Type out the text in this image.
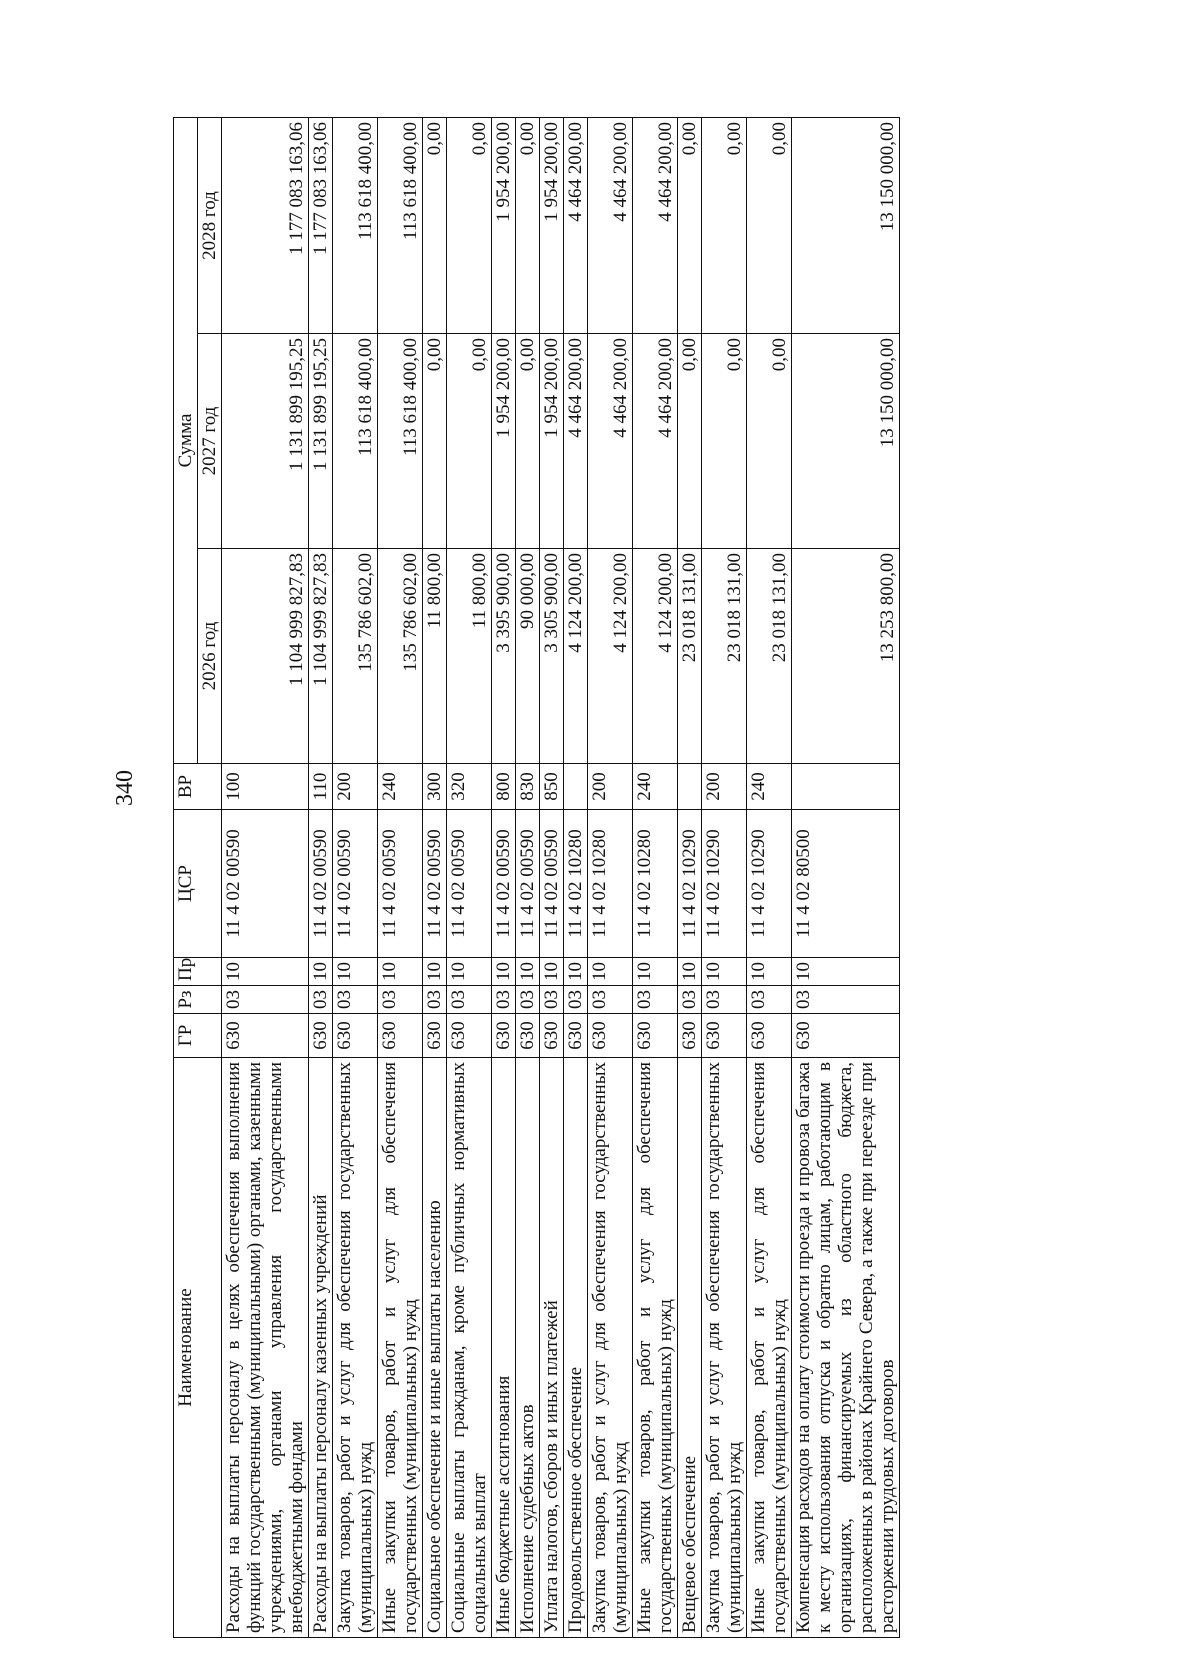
340
Наименование	ГР	Рз	Пр	ЦСР	ВР	Сумма		
						2026 год	2027 год	2028 год
Расходы на выплаты персоналу в целях обеспечения выполнения функций государственными (муниципальными) органами, казенными учреждениями, органами управления государственными внебюджетными фондами	630	03	10	11 4 02 00590	100	1 104 999 827,83	1 131 899 195,25	1 177 083 163,06
Расходы на выплаты персоналу казенных учреждений	630	03	10	11 4 02 00590	110	1 104 999 827,83	1 131 899 195,25	1 177 083 163,06
Закупка товаров, работ и услуг для обеспечения государственных (муниципальных) нужд	630	03	10	11 4 02 00590	200	135 786 602,00	113 618 400,00	113 618 400,00
Иные закупки товаров, работ и услуг для обеспечения государственных (муниципальных) нужд	630	03	10	11 4 02 00590	240	135 786 602,00	113 618 400,00	113 618 400,00
Социальное обеспечение и иные выплаты населению	630	03	10	11 4 02 00590	300	11 800,00	0,00	0,00
Социальные выплаты гражданам, кроме публичных нормативных социальных выплат	630	03	10	11 4 02 00590	320	11 800,00	0,00	0,00
Иные бюджетные ассигнования	630	03	10	11 4 02 00590	800	3 395 900,00	1 954 200,00	1 954 200,00
Исполнение судебных актов	630	03	10	11 4 02 00590	830	90 000,00	0,00	0,00
Уплата налогов, сборов и иных платежей	630	03	10	11 4 02 00590	850	3 305 900,00	1 954 200,00	1 954 200,00
Продовольственное обеспечение	630	03	10	11 4 02 10280		4 124 200,00	4 464 200,00	4 464 200,00
Закупка товаров, работ и услуг для обеспечения государственных (муниципальных) нужд	630	03	10	11 4 02 10280	200	4 124 200,00	4 464 200,00	4 464 200,00
Иные закупки товаров, работ и услуг для обеспечения государственных (муниципальных) нужд	630	03	10	11 4 02 10280	240	4 124 200,00	4 464 200,00	4 464 200,00
Вещевое обеспечение	630	03	10	11 4 02 10290		23 018 131,00	0,00	0,00
Закупка товаров, работ и услуг для обеспечения государственных (муниципальных) нужд	630	03	10	11 4 02 10290	200	23 018 131,00	0,00	0,00
Иные закупки товаров, работ и услуг для обеспечения государственных (муниципальных) нужд	630	03	10	11 4 02 10290	240	23 018 131,00	0,00	0,00
Компенсация расходов на оплату стоимости проезда и провоза багажа к месту использования отпуска и обратно лицам, работающим в организациях, финансируемых из областного бюджета, расположенных в районах Крайнего Севера, а также при переезде при расторжении трудовых договоров	630	03	10	11 4 02 80500		13 253 800,00	13 150 000,00	13 150 000,00
